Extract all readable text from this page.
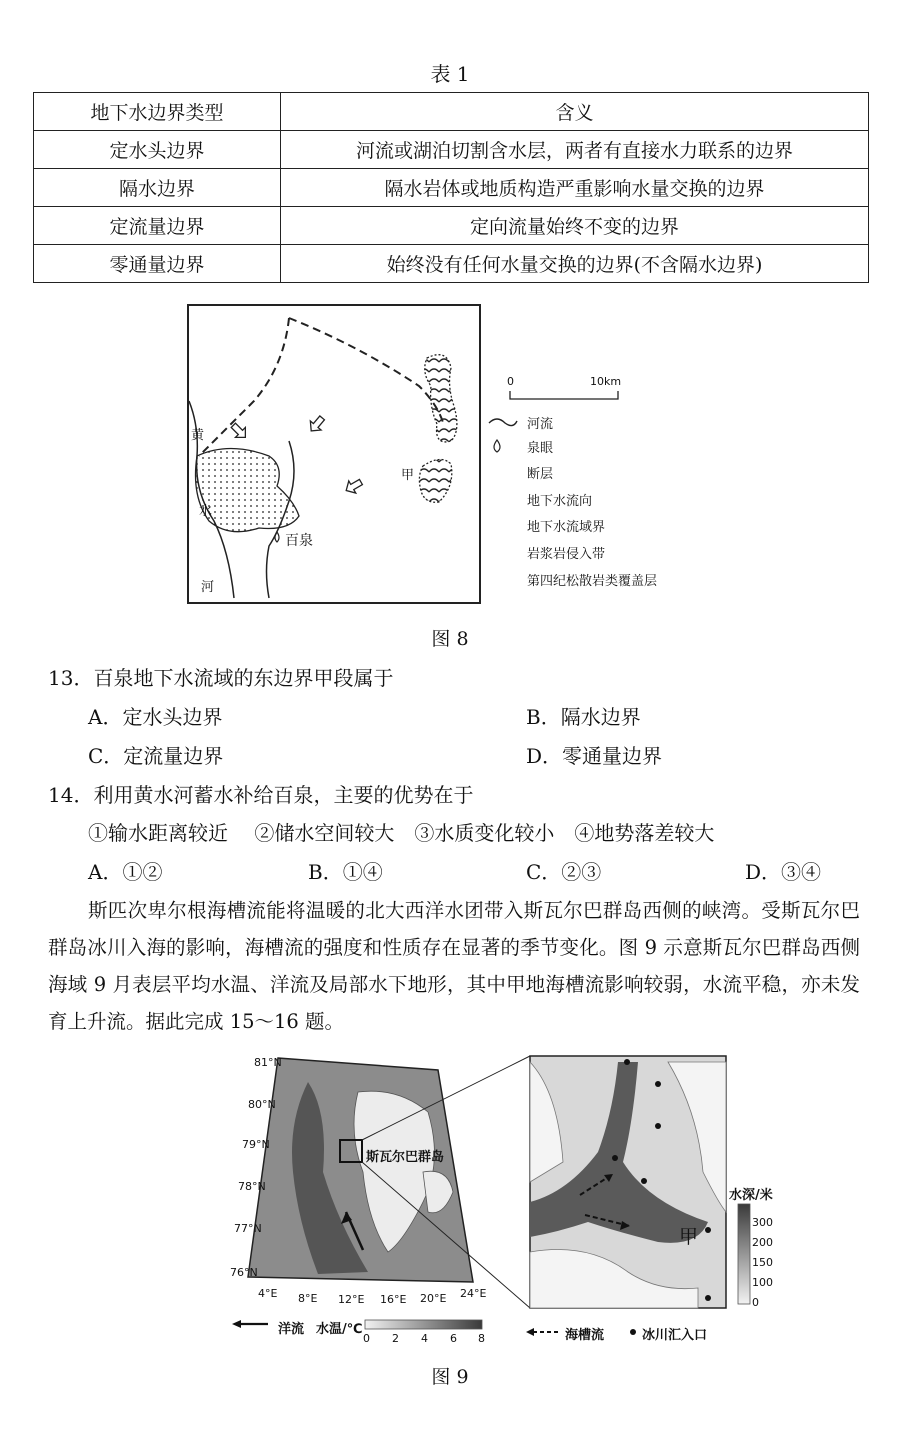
表 1
地下水边界类型	含义
定水头边界	河流或湖泊切割含水层，两者有直接水力联系的边界
隔水边界	隔水岩体或地质构造严重影响水量交换的边界
定流量边界	定向流量始终不变的边界
零通量边界	始终没有任何水量交换的边界(不含隔水边界)
黄
水
河
百泉
甲
0	10km
河流
泉眼
断层
地下水流向
地下水流域界
岩浆岩侵入带
第四纪松散岩类覆盖层
图 8
13．百泉地下水流域的东边界甲段属于
A．定水头边界	B．隔水边界
C．定流量边界	D．零通量边界
14．利用黄水河蓄水补给百泉，主要的优势在于
①输水距离较近　 ②储水空间较大　③水质变化较小　④地势落差较大
A．①②	B．①④	C．②③	D．③④
斯匹次卑尔根海槽流能将温暖的北大西洋水团带入斯瓦尔巴群岛西侧的峡湾。受斯瓦尔巴群岛冰川入海的影响，海槽流的强度和性质存在显著的季节变化。图 9 示意斯瓦尔巴群岛西侧海域 9 月表层平均水温、洋流及局部水下地形，其中甲地海槽流影响较弱，水流平稳，亦未发育上升流。据此完成 15～16 题。
81°N
80°N
79°N
78°N
77°N
76°N
4°E 8°E 12°E 16°E 20°E 24°E
斯瓦尔巴群岛
洋流 水温/℃
0 2 4 6 8
水深/米
300
200
150
100
0
甲
海槽流	冰川汇入口
图 9
